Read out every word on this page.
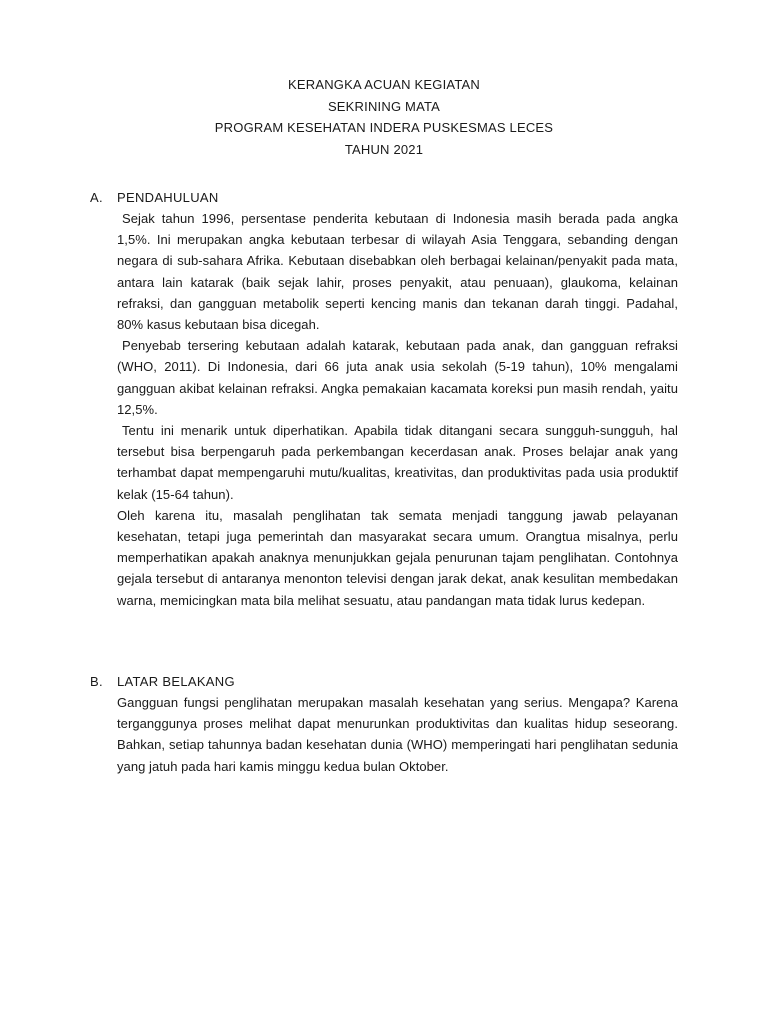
KERANGKA ACUAN KEGIATAN
SEKRINING MATA
PROGRAM KESEHATAN INDERA PUSKESMAS LECES
TAHUN 2021
A. PENDAHULUAN

Sejak tahun 1996, persentase penderita kebutaan di Indonesia masih berada pada angka 1,5%. Ini merupakan angka kebutaan terbesar di wilayah Asia Tenggara, sebanding dengan negara di sub-sahara Afrika. Kebutaan disebabkan oleh berbagai kelainan/penyakit pada mata, antara lain katarak (baik sejak lahir, proses penyakit, atau penuaan), glaukoma, kelainan refraksi, dan gangguan metabolik seperti kencing manis dan tekanan darah tinggi. Padahal, 80% kasus kebutaan bisa dicegah.

Penyebab tersering kebutaan adalah katarak, kebutaan pada anak, dan gangguan refraksi (WHO, 2011). Di Indonesia, dari 66 juta anak usia sekolah (5-19 tahun), 10% mengalami gangguan akibat kelainan refraksi. Angka pemakaian kacamata koreksi pun masih rendah, yaitu 12,5%.

Tentu ini menarik untuk diperhatikan. Apabila tidak ditangani secara sungguh-sungguh, hal tersebut bisa berpengaruh pada perkembangan kecerdasan anak. Proses belajar anak yang terhambat dapat mempengaruhi mutu/kualitas, kreativitas, dan produktivitas pada usia produktif kelak (15-64 tahun).

Oleh karena itu, masalah penglihatan tak semata menjadi tanggung jawab pelayanan kesehatan, tetapi juga pemerintah dan masyarakat secara umum. Orangtua misalnya, perlu memperhatikan apakah anaknya menunjukkan gejala penurunan tajam penglihatan. Contohnya gejala tersebut di antaranya menonton televisi dengan jarak dekat, anak kesulitan membedakan warna, memicingkan mata bila melihat sesuatu, atau pandangan mata tidak lurus kedepan.

B. LATAR BELAKANG

Gangguan fungsi penglihatan merupakan masalah kesehatan yang serius. Mengapa? Karena terganggunya proses melihat dapat menurunkan produktivitas dan kualitas hidup seseorang. Bahkan, setiap tahunnya badan kesehatan dunia (WHO) memperingati hari penglihatan sedunia yang jatuh pada hari kamis minggu kedua bulan Oktober.
